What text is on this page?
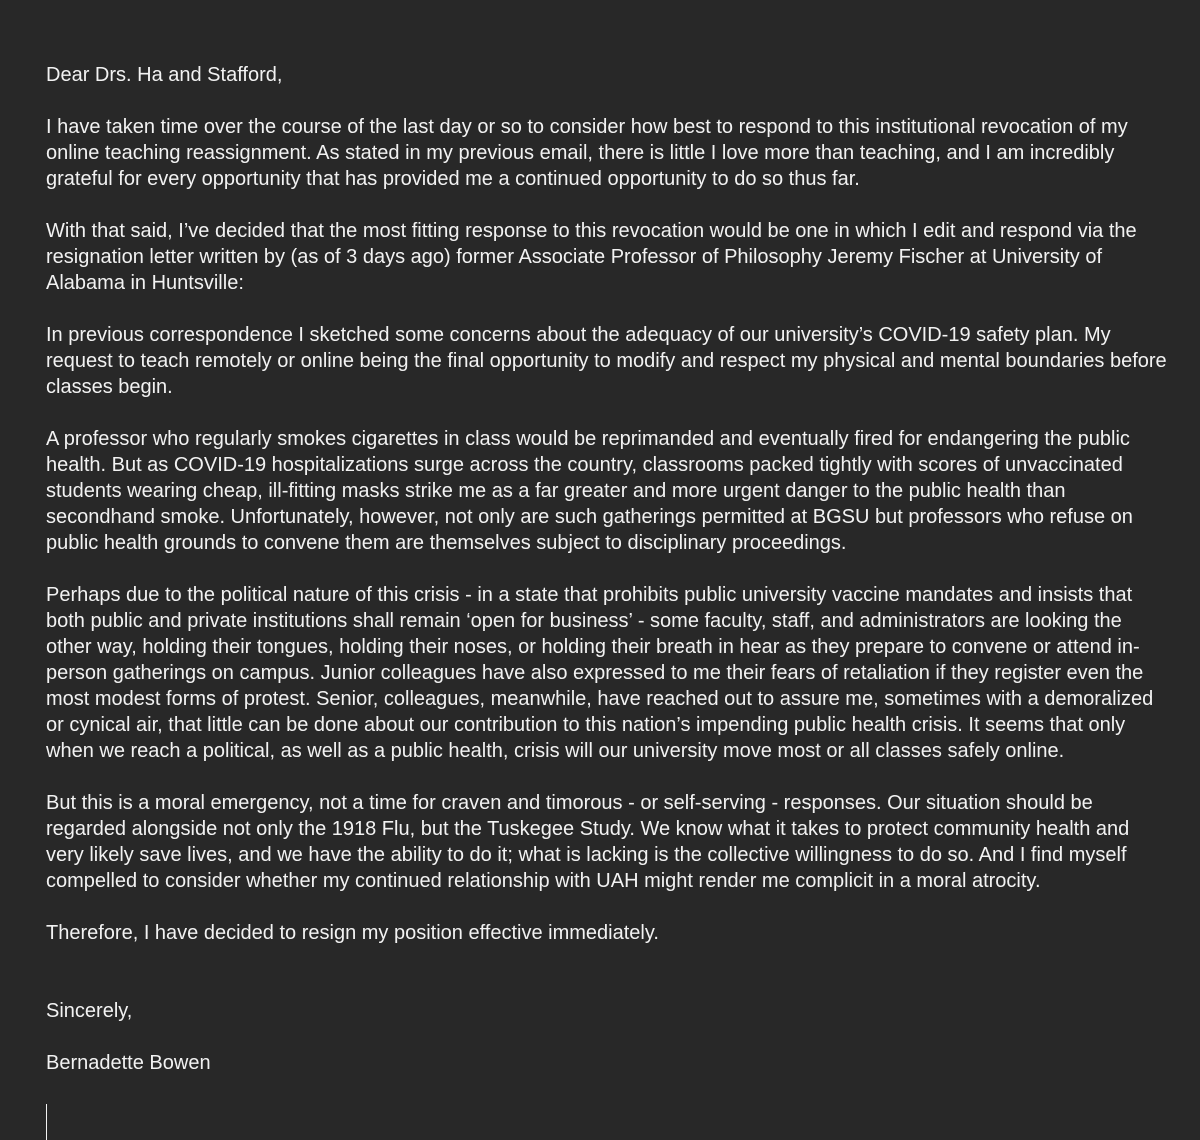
Dear Drs. Ha and Stafford,

I have taken time over the course of the last day or so to consider how best to respond to this institutional revocation of my online teaching reassignment. As stated in my previous email, there is little I love more than teaching, and I am incredibly grateful for every opportunity that has provided me a continued opportunity to do so thus far.

With that said, I’ve decided that the most fitting response to this revocation would be one in which I edit and respond via the resignation letter written by (as of 3 days ago) former Associate Professor of Philosophy Jeremy Fischer at University of Alabama in Huntsville:

In previous correspondence I sketched some concerns about the adequacy of our university’s COVID-19 safety plan. My request to teach remotely or online being the final opportunity to modify and respect my physical and mental boundaries before classes begin.

A professor who regularly smokes cigarettes in class would be reprimanded and eventually fired for endangering the public health. But as COVID-19 hospitalizations surge across the country, classrooms packed tightly with scores of unvaccinated students wearing cheap, ill-fitting masks strike me as a far greater and more urgent danger to the public health than secondhand smoke. Unfortunately, however, not only are such gatherings permitted at BGSU but professors who refuse on public health grounds to convene them are themselves subject to disciplinary proceedings.

Perhaps due to the political nature of this crisis - in a state that prohibits public university vaccine mandates and insists that both public and private institutions shall remain ‘open for business’ - some faculty, staff, and administrators are looking the other way, holding their tongues, holding their noses, or holding their breath in hear as they prepare to convene or attend in-person gatherings on campus. Junior colleagues have also expressed to me their fears of retaliation if they register even the most modest forms of protest. Senior, colleagues, meanwhile, have reached out to assure me, sometimes with a demoralized or cynical air, that little can be done about our contribution to this nation’s impending public health crisis. It seems that only when we reach a political, as well as a public health, crisis will our university move most or all classes safely online.

But this is a moral emergency, not a time for craven and timorous - or self-serving - responses. Our situation should be regarded alongside not only the 1918 Flu, but the Tuskegee Study. We know what it takes to protect community health and very likely save lives, and we have the ability to do it; what is lacking is the collective willingness to do so. And I find myself compelled to consider whether my continued relationship with UAH might render me complicit in a moral atrocity.

Therefore, I have decided to resign my position effective immediately.

Sincerely,

Bernadette Bowen
